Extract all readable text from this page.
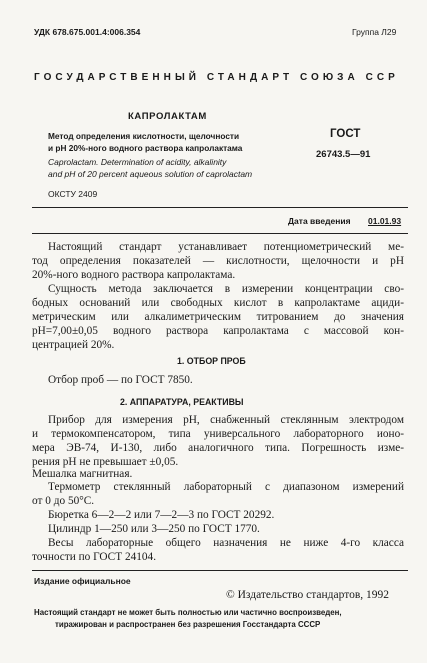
УДК 678.675.001.4:006.354	Группа Л29
ГОСУДАРСТВЕННЫЙ СТАНДАРТ СОЮЗА ССР
КАПРОЛАКТАМ
Метод определения кислотности, щелочности
и pH 20%-ного водного раствора капролактама
Caprolactam. Determination of acidity, alkalinity
and pH of 20 percent aqueous solution of caprolactam
ГОСТ
26743.5—91
ОКСТУ 2409
Дата введения 01.01.93
Настоящий стандарт устанавливает потенциометрический ме-
тод определения показателей — кислотности, щелочности и pH
20%-ного водного раствора капролактама.
Сущность метода заключается в измерении концентрации сво-
бодных оснований или свободных кислот в капролактаме ациди-
метрическим или алкалиметрическим титрованием до значения
pH=7,00±0,05 водного раствора капролактама с массовой кон-
центрацией 20%.
1. ОТБОР ПРОБ
Отбор проб — по ГОСТ 7850.
2. АППАРАТУРА, РЕАКТИВЫ
Прибор для измерения pH, снабженный стеклянным электродом
и термокомпенсатором, типа универсального лабораторного ионо-
мера ЭВ-74, И-130, либо аналогичного типа. Погрешность изме-
рения pH не превышает ±0,05.
Мешалка магнитная.
Термометр стеклянный лабораторный с диапазоном измерений
от 0 до 50°С.
Бюретка 6—2—2 или 7—2—3 по ГОСТ 20292.
Цилиндр 1—250 или 3—250 по ГОСТ 1770.
Весы лабораторные общего назначения не ниже 4-го класса
точности по ГОСТ 24104.
Издание официальное
© Издательство стандартов, 1992
Настоящий стандарт не может быть полностью или частично воспроизведен,
тиражирован и распространен без разрешения Госстандарта СССР
